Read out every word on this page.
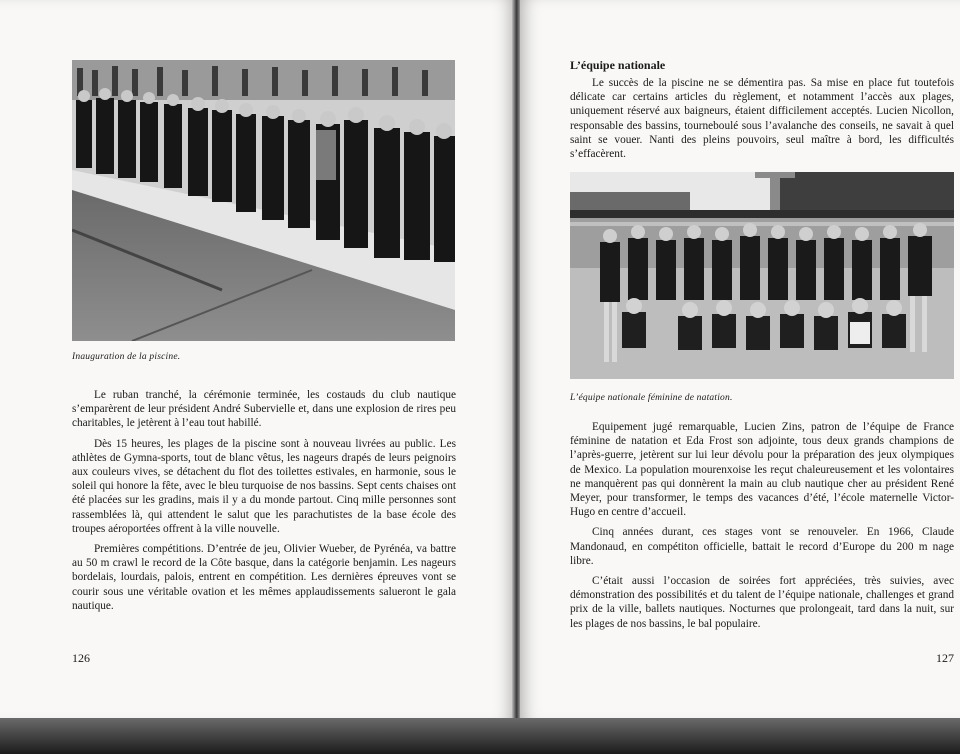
Inauguration de la piscine.

Le ruban tranché, la cérémonie terminée, les costauds du club nautique s’emparèrent de leur président André Subervielle et, dans une explosion de rires peu charitables, le jetèrent à l’eau tout habillé.

Dès 15 heures, les plages de la piscine sont à nouveau livrées au public. Les athlètes de Gymna-sports, tout de blanc vêtus, les nageurs drapés de leurs peignoirs aux couleurs vives, se détachent du flot des toilettes estivales, en harmonie, sous le soleil qui honore la fête, avec le bleu turquoise de nos bassins. Sept cents chaises ont été placées sur les gradins, mais il y a du monde partout. Cinq mille personnes sont rassemblées là, qui attendent le salut que les parachutistes de la base école des troupes aéroportées offrent à la ville nouvelle.

Premières compétitions. D’entrée de jeu, Olivier Wueber, de Pyrénéa, va battre au 50 m crawl le record de la Côte basque, dans la catégorie benjamin. Les nageurs bordelais, lourdais, palois, entrent en compétition. Les dernières épreuves vont se courir sous une véritable ovation et les mêmes applaudissements salueront le gala nautique.

126
L’équipe nationale

Le succès de la piscine ne se démentira pas. Sa mise en place fut toutefois délicate car certains articles du règlement, et notamment l’accès aux plages, uniquement réservé aux baigneurs, étaient difficilement acceptés. Lucien Nicollon, responsable des bassins, tourneboulé sous l’avalanche des conseils, ne savait à quel saint se vouer. Nanti des pleins pouvoirs, seul maître à bord, les difficultés s’effacèrent.

L’équipe nationale féminine de natation.

Equipement jugé remarquable, Lucien Zins, patron de l’équipe de France féminine de natation et Eda Frost son adjointe, tous deux grands champions de l’après-guerre, jetèrent sur lui leur dévolu pour la préparation des jeux olympiques de Mexico. La population mourenxoise les reçut chaleureusement et les volontaires ne manquèrent pas qui donnèrent la main au club nautique cher au président René Meyer, pour transformer, le temps des vacances d’été, l’école maternelle Victor-Hugo en centre d’accueil.

Cinq années durant, ces stages vont se renouveler. En 1966, Claude Mandonaud, en compétiton officielle, battait le record d’Europe du 200 m nage libre.

C’était aussi l’occasion de soirées fort appréciées, très suivies, avec démonstration des possibilités et du talent de l’équipe nationale, challenges et grand prix de la ville, ballets nautiques. Nocturnes que prolongeait, tard dans la nuit, sur les plages de nos bassins, le bal populaire.

127
